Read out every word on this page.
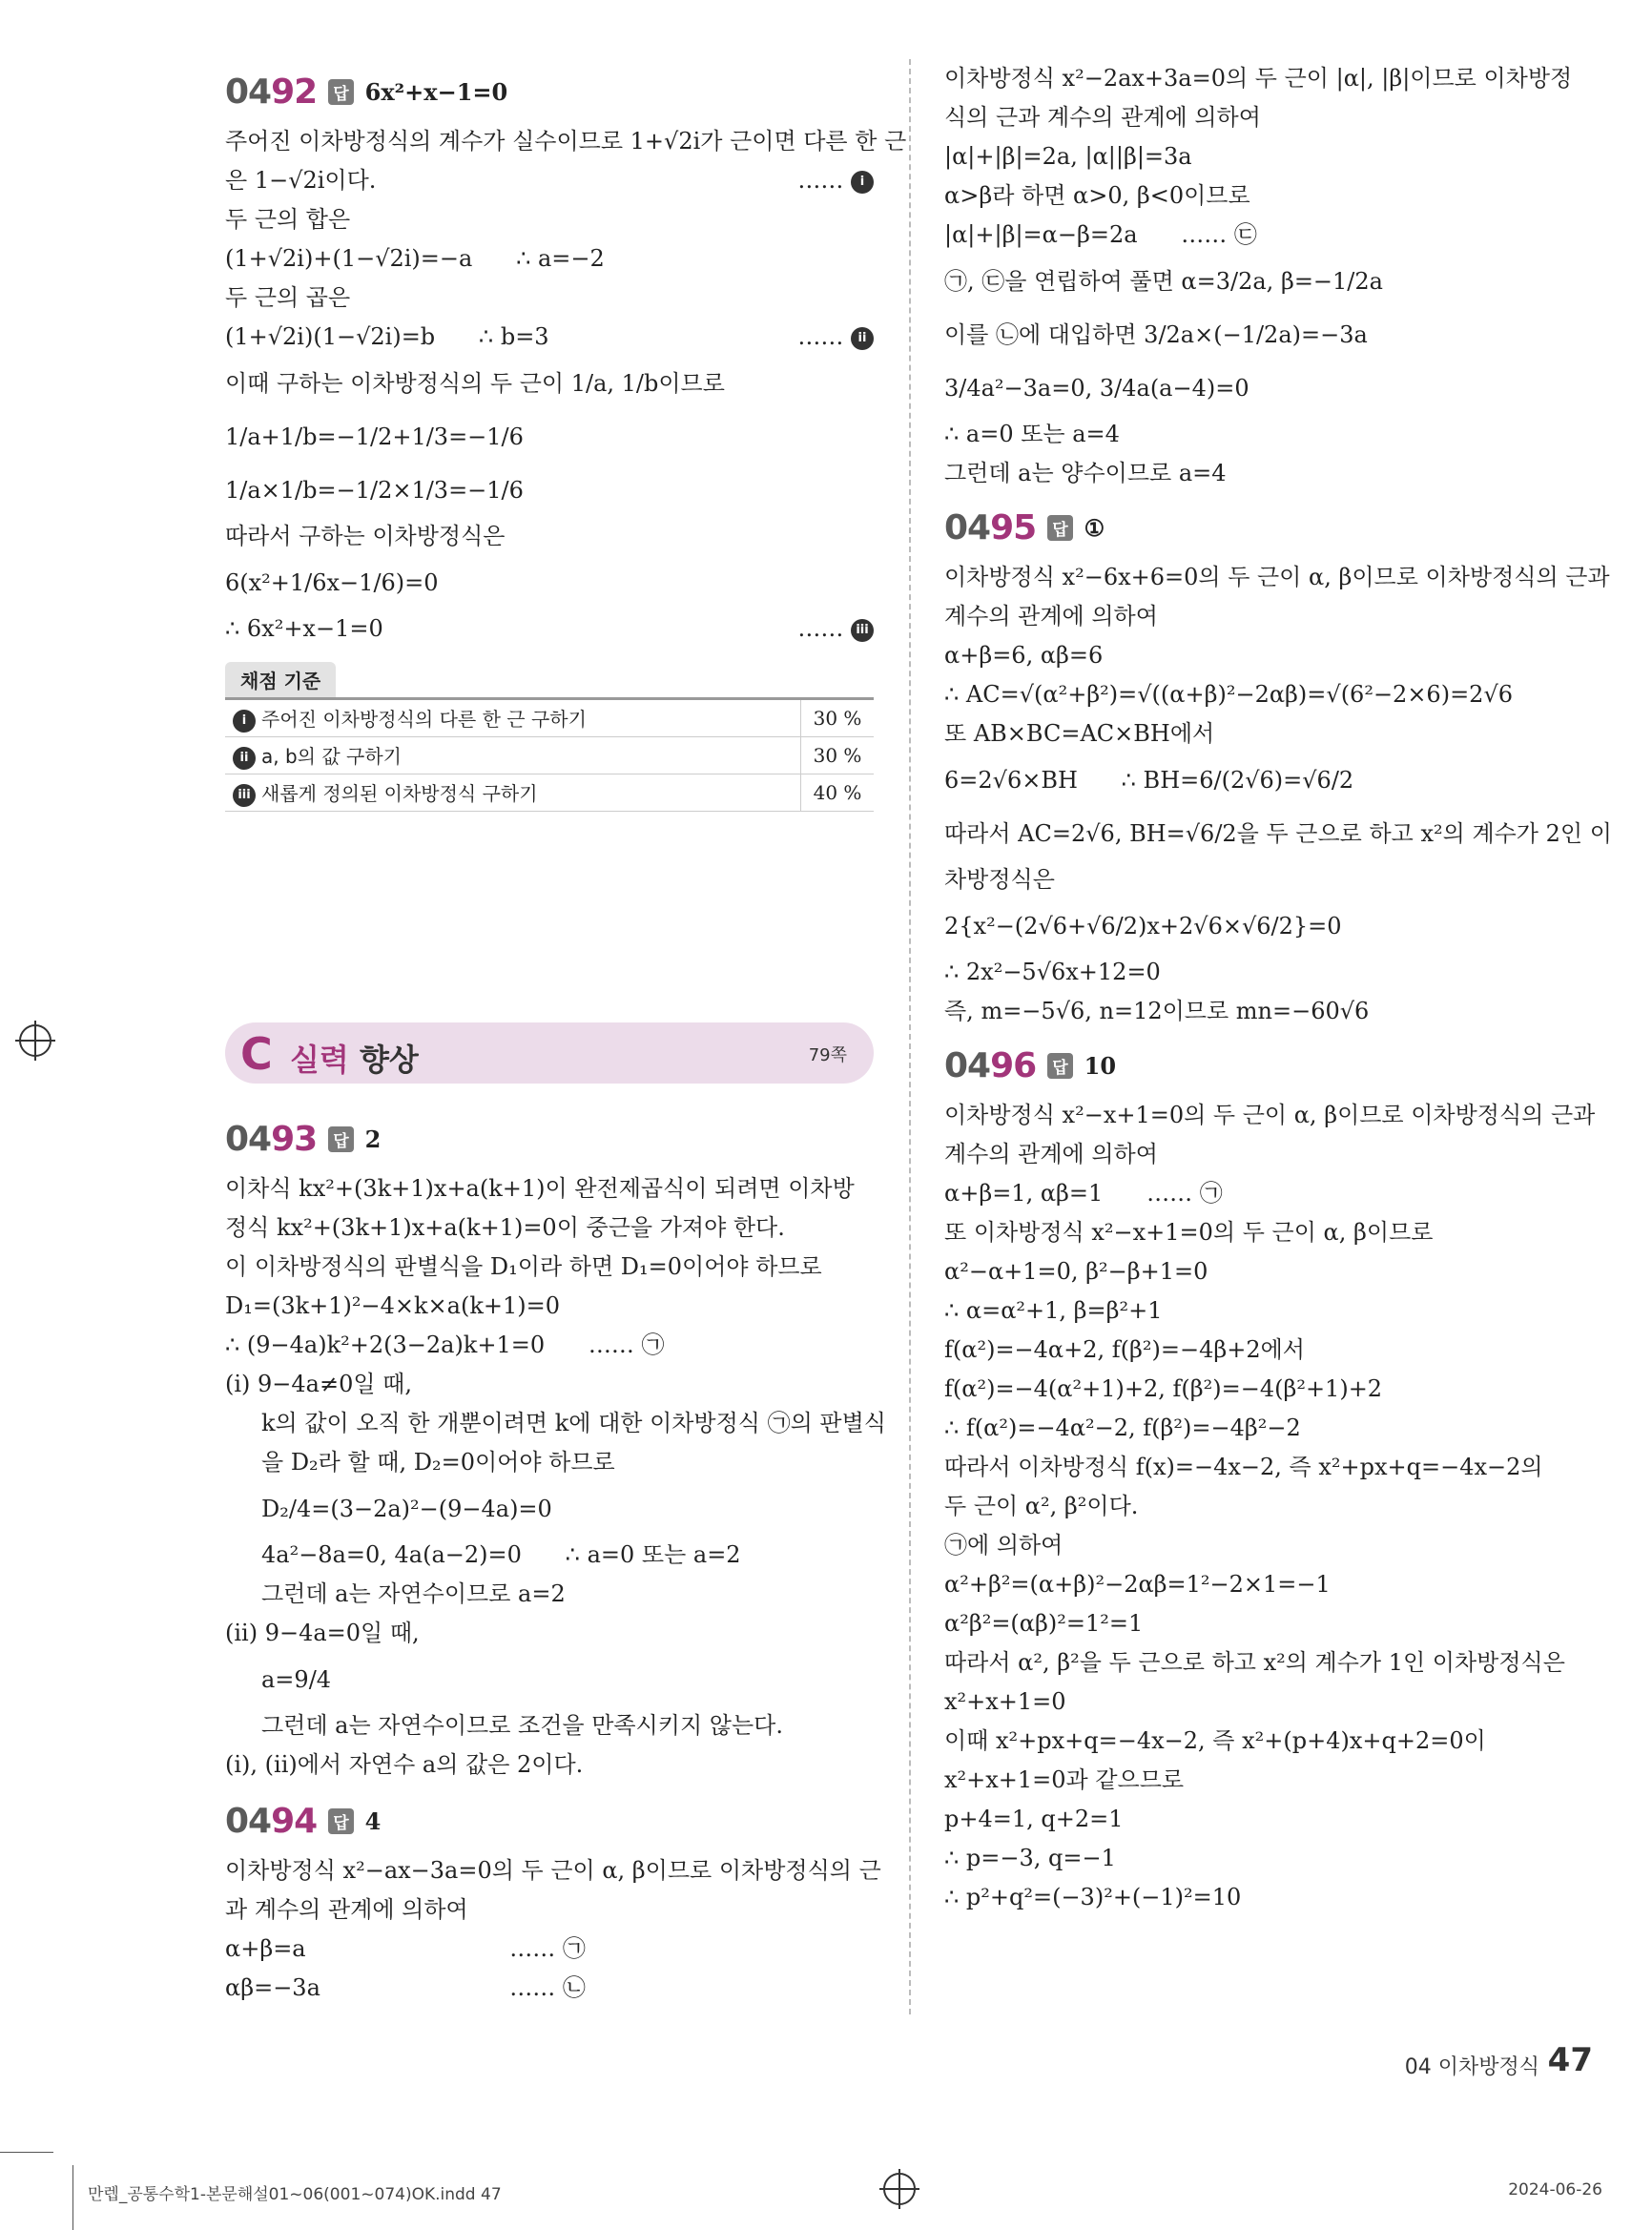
0492 답 6x²+x−1=0
주어진 이차방정식의 계수가 실수이므로 1+√2i가 근이면 다른 한 근
은 1−√2i이다.	…… i
두 근의 합은
(1+√2i)+(1−√2i)=−a      ∴ a=−2
두 근의 곱은
(1+√2i)(1−√2i)=b      ∴ b=3	…… ii
이때 구하는 이차방정식의 두 근이 1/a, 1/b이므로
1/a+1/b=−1/2+1/3=−1/6
1/a×1/b=−1/2×1/3=−1/6
따라서 구하는 이차방정식은
6(x²+1/6x−1/6)=0
∴ 6x²+x−1=0	…… iii
채점 기준
i 주어진 이차방정식의 다른 한 근 구하기	30 %
ii a, b의 값 구하기	30 %
iii 새롭게 정의된 이차방정식 구하기	40 %
C 실력 향상	79쪽
0493 답 2
이차식 kx²+(3k+1)x+a(k+1)이 완전제곱식이 되려면 이차방
정식 kx²+(3k+1)x+a(k+1)=0이 중근을 가져야 한다.
이 이차방정식의 판별식을 D₁이라 하면 D₁=0이어야 하므로
D₁=(3k+1)²−4×k×a(k+1)=0
∴ (9−4a)k²+2(3−2a)k+1=0      …… ㉠
(i) 9−4a≠0일 때,
k의 값이 오직 한 개뿐이려면 k에 대한 이차방정식 ㉠의 판별식
을 D₂라 할 때, D₂=0이어야 하므로
D₂/4=(3−2a)²−(9−4a)=0
4a²−8a=0, 4a(a−2)=0      ∴ a=0 또는 a=2
그런데 a는 자연수이므로 a=2
(ii) 9−4a=0일 때,
a=9/4
그런데 a는 자연수이므로 조건을 만족시키지 않는다.
(i), (ii)에서 자연수 a의 값은 2이다.
0494 답 4
이차방정식 x²−ax−3a=0의 두 근이 α, β이므로 이차방정식의 근
과 계수의 관계에 의하여
α+β=a                            …… ㉠
αβ=−3a                          …… ㉡
이차방정식 x²−2ax+3a=0의 두 근이 |α|, |β|이므로 이차방정
식의 근과 계수의 관계에 의하여
|α|+|β|=2a, |α||β|=3a
α>β라 하면 α>0, β<0이므로
|α|+|β|=α−β=2a      …… ㉢
㉠, ㉢을 연립하여 풀면 α=3/2a, β=−1/2a
이를 ㉡에 대입하면 3/2a×(−1/2a)=−3a
3/4a²−3a=0, 3/4a(a−4)=0
∴ a=0 또는 a=4
그런데 a는 양수이므로 a=4
0495 답 ①
이차방정식 x²−6x+6=0의 두 근이 α, β이므로 이차방정식의 근과
계수의 관계에 의하여
α+β=6, αβ=6
∴ AC=√(α²+β²)=√((α+β)²−2αβ)=√(6²−2×6)=2√6
또 AB×BC=AC×BH에서
6=2√6×BH      ∴ BH=6/(2√6)=√6/2
따라서 AC=2√6, BH=√6/2을 두 근으로 하고 x²의 계수가 2인 이
차방정식은
2{x²−(2√6+√6/2)x+2√6×√6/2}=0
∴ 2x²−5√6x+12=0
즉, m=−5√6, n=12이므로 mn=−60√6
0496 답 10
이차방정식 x²−x+1=0의 두 근이 α, β이므로 이차방정식의 근과
계수의 관계에 의하여
α+β=1, αβ=1      …… ㉠
또 이차방정식 x²−x+1=0의 두 근이 α, β이므로
α²−α+1=0, β²−β+1=0
∴ α=α²+1, β=β²+1
f(α²)=−4α+2, f(β²)=−4β+2에서
f(α²)=−4(α²+1)+2, f(β²)=−4(β²+1)+2
∴ f(α²)=−4α²−2, f(β²)=−4β²−2
따라서 이차방정식 f(x)=−4x−2, 즉 x²+px+q=−4x−2의
두 근이 α², β²이다.
㉠에 의하여
α²+β²=(α+β)²−2αβ=1²−2×1=−1
α²β²=(αβ)²=1²=1
따라서 α², β²을 두 근으로 하고 x²의 계수가 1인 이차방정식은
x²+x+1=0
이때 x²+px+q=−4x−2, 즉 x²+(p+4)x+q+2=0이
x²+x+1=0과 같으므로
p+4=1, q+2=1
∴ p=−3, q=−1
∴ p²+q²=(−3)²+(−1)²=10
04 이차방정식 47
만렙_공통수학1-본문해설01~06(001~074)OK.indd 47	2024-06-26
